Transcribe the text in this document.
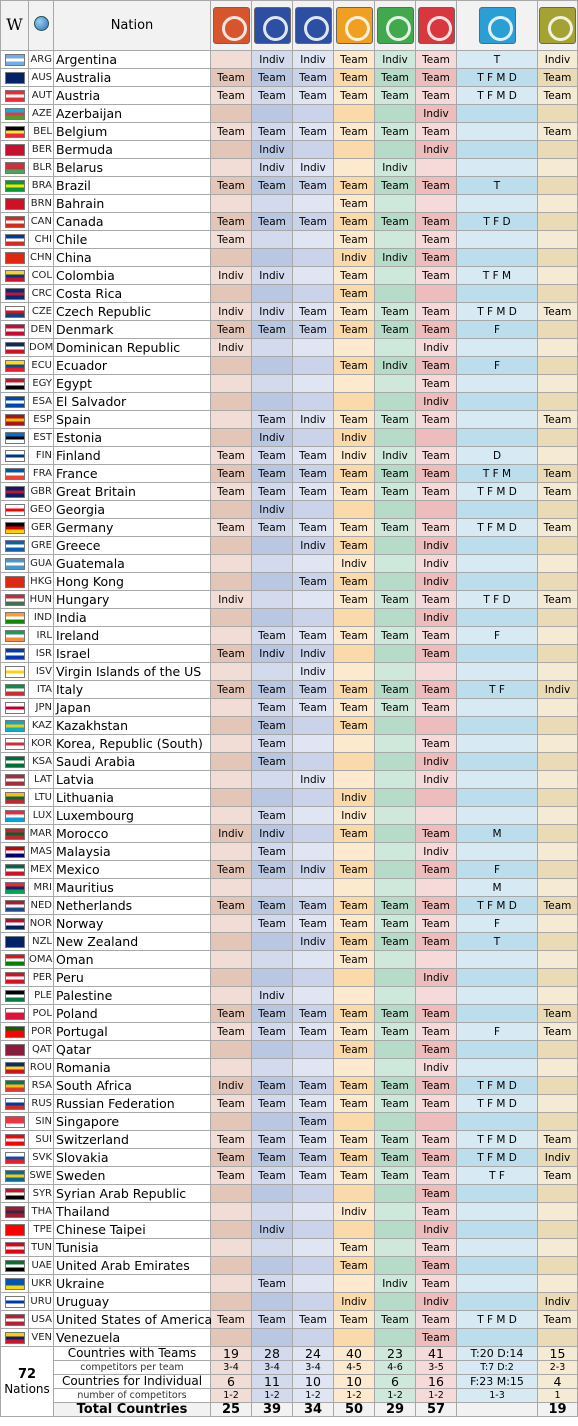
W		Nation	

	ARG	Argentina		Indiv	Indiv	Team	Indiv	Team	T	Indiv

	AUS	Australia	Team	Team	Team	Team	Team	Team	T F M D	Team

	AUT	Austria	Team	Team	Team	Team	Team	Team	T F M D	Team

	AZE	Azerbaijan						Indiv		

	BEL	Belgium	Team	Team	Team	Team	Team	Team		Team

	BER	Bermuda		Indiv				Indiv		

	BLR	Belarus		Indiv	Indiv		Indiv			

	BRA	Brazil	Team	Team	Team	Team	Team	Team	T	

	BRN	Bahrain				Team				

	CAN	Canada	Team	Team	Team	Team	Team	Team	T F D	

	CHI	Chile	Team			Team		Team		

	CHN	China				Indiv	Indiv	Team		

	COL	Colombia	Indiv	Indiv		Team		Team	T F M	

	CRC	Costa Rica				Team				

	CZE	Czech Republic	Indiv	Indiv	Team	Team	Team	Team	T F M D	Team

	DEN	Denmark	Team	Team	Team	Team	Team	Team	F	

	DOM	Dominican Republic	Indiv					Indiv		

	ECU	Ecuador				Team	Indiv	Team	F	

	EGY	Egypt						Team		

	ESA	El Salvador						Indiv		

	ESP	Spain		Team	Indiv	Team	Team	Team		Team

	EST	Estonia		Indiv		Indiv				

	FIN	Finland	Team	Team	Team	Indiv	Indiv	Team	D	

	FRA	France	Team	Team	Team	Team	Team	Team	T F M	Team

	GBR	Great Britain	Team	Team	Team	Team	Team	Team	T F M D	Team

	GEO	Georgia		Indiv						

	GER	Germany	Team	Team	Team	Team	Team	Team	T F M D	Team

	GRE	Greece			Indiv	Team		Indiv		

	GUA	Guatemala				Indiv		Indiv		

	HKG	Hong Kong			Team	Team		Indiv		

	HUN	Hungary	Indiv			Team	Team	Team	T F D	Team

	IND	India						Indiv		

	IRL	Ireland		Team	Team	Team	Team	Team	F	

	ISR	Israel	Team	Indiv	Indiv			Team		

	ISV	Virgin Islands of the US			Indiv					

	ITA	Italy	Team	Team	Team	Team	Team	Team	T F	Indiv

	JPN	Japan		Team	Team	Team	Team	Team		

	KAZ	Kazakhstan		Team		Team				

	KOR	Korea, Republic (South)		Team				Team		

	KSA	Saudi Arabia		Team				Indiv		

	LAT	Latvia			Indiv			Indiv		

	LTU	Lithuania				Indiv				

	LUX	Luxembourg		Team		Indiv				

	MAR	Morocco	Indiv	Indiv		Team		Team	M	

	MAS	Malaysia		Team				Indiv		

	MEX	Mexico	Team	Team	Indiv	Team		Team	F	

	MRI	Mauritius							M	

	NED	Netherlands	Team	Team	Team	Team	Team	Team	T F M D	Team

	NOR	Norway		Team	Team	Team	Team	Team	F	

	NZL	New Zealand			Indiv	Team	Team	Team	T	

	OMA	Oman				Team				

	PER	Peru						Indiv		

	PLE	Palestine		Indiv						

	POL	Poland	Team	Team	Team	Team	Team	Team		Team

	POR	Portugal	Team	Team	Team	Team	Team	Team	F	Team

	QAT	Qatar				Team		Team		

	ROU	Romania						Indiv		

	RSA	South Africa	Indiv	Team	Team	Team	Team	Team	T F M D	

	RUS	Russian Federation	Team	Team	Team	Team	Team	Team	T F M D	

	SIN	Singapore			Team					

	SUI	Switzerland	Team	Team	Team	Team	Team	Team	T F M D	Team

	SVK	Slovakia	Team	Team	Team	Team	Team	Team	T F M D	Indiv

	SWE	Sweden	Team	Team	Team	Team	Team	Team	T F	Team

	SYR	Syrian Arab Republic						Team		

	THA	Thailand				Indiv		Team		

	TPE	Chinese Taipei		Indiv				Indiv		

	TUN	Tunisia				Team		Team		

	UAE	United Arab Emirates				Team		Team		

	UKR	Ukraine		Team			Indiv	Team		

	URU	Uruguay				Indiv		Indiv		Indiv

	USA	United States of America	Team	Team	Team	Team	Team	Team	T F M D	Team

	VEN	Venezuela						Team		

72
Nations		Countries with Teams	19	28	24	40	23	41	T:20 D:14	15
		competitors per team	3-4	3-4	3-4	4-5	4-6	3-5	T:7 D:2	2-3
		Countries for Individual	6	11	10	10	6	16	F:23 M:15	4
		number of competitors	1-2	1-2	1-2	1-2	1-2	1-2	1-3	1
		Total Countries	25	39	34	50	29	57		19
